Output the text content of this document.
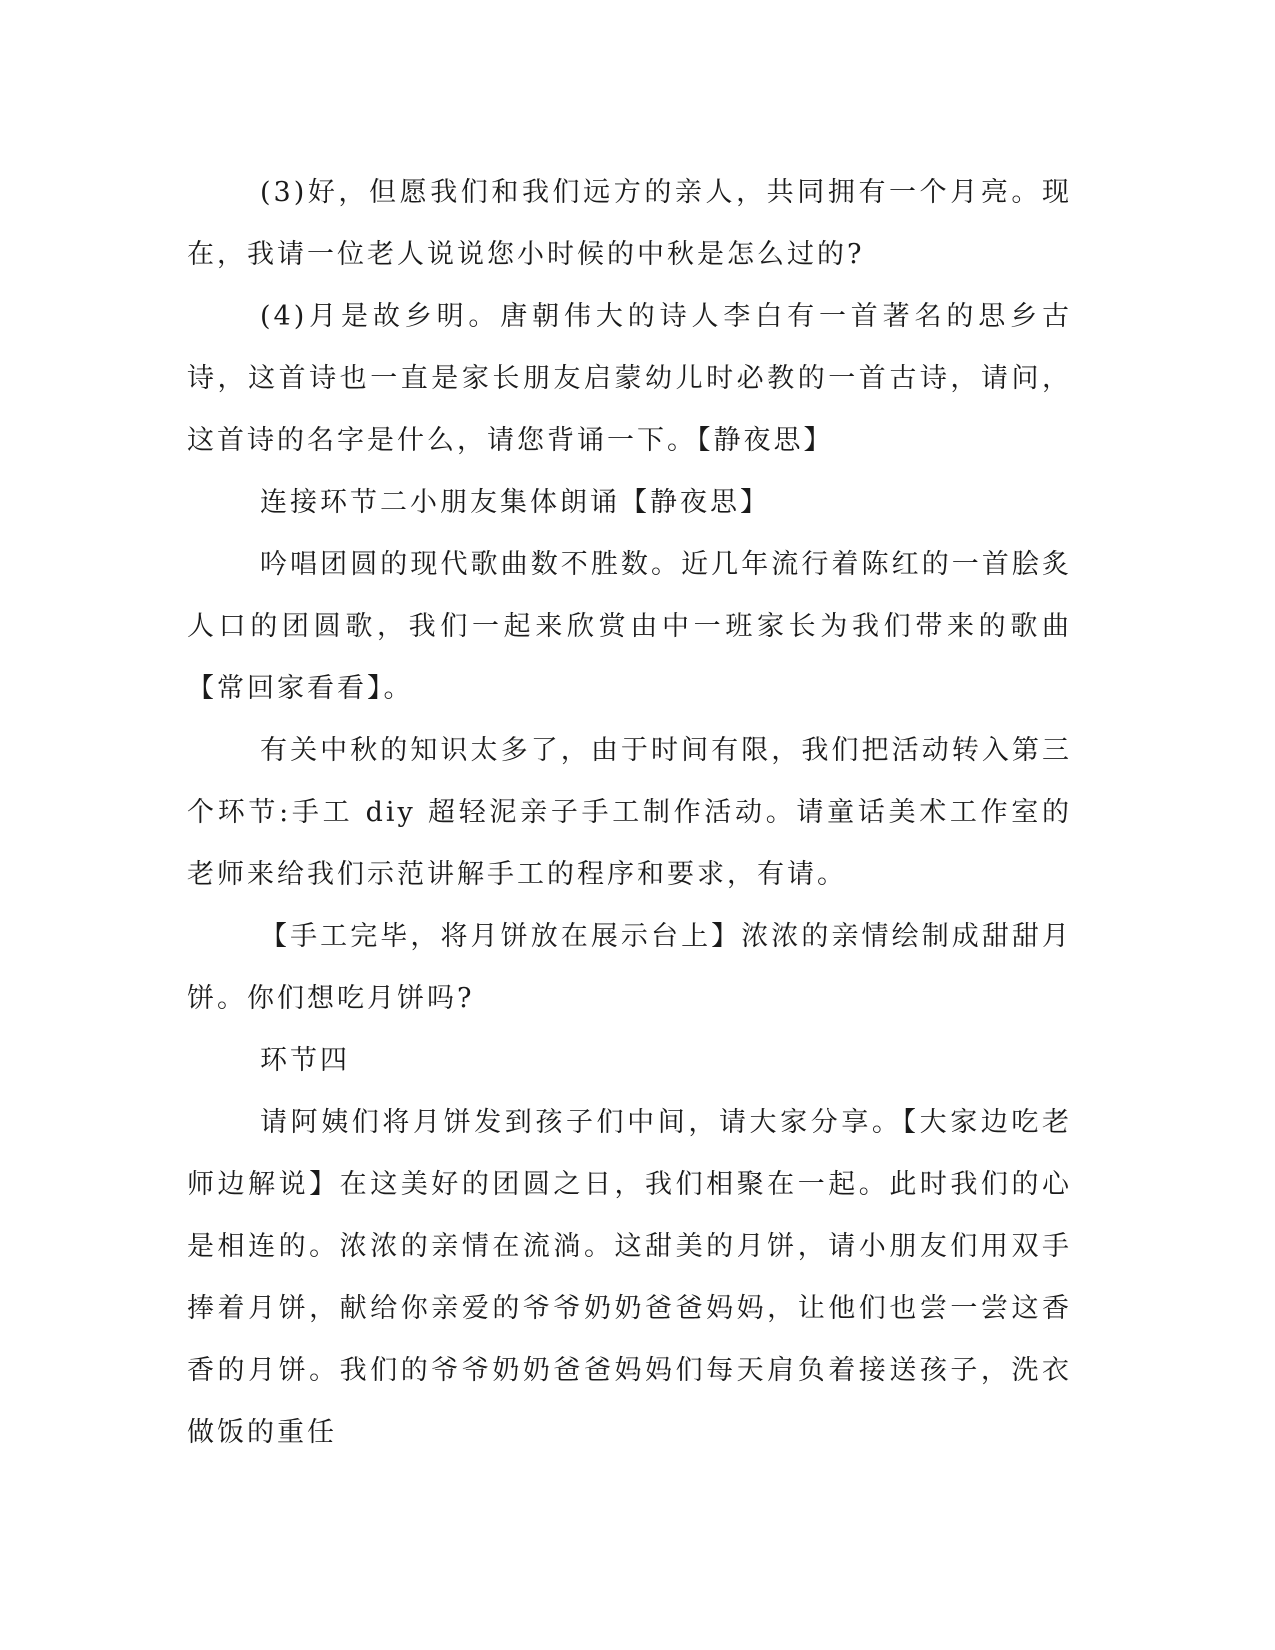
(3)好，但愿我们和我们远方的亲人，共同拥有一个月亮。现在，我请一位老人说说您小时候的中秋是怎么过的?

(4)月是故乡明。唐朝伟大的诗人李白有一首著名的思乡古诗，这首诗也一直是家长朋友启蒙幼儿时必教的一首古诗，请问，这首诗的名字是什么，请您背诵一下。【静夜思】

连接环节二小朋友集体朗诵【静夜思】

吟唱团圆的现代歌曲数不胜数。近几年流行着陈红的一首脍炙人口的团圆歌，我们一起来欣赏由中一班家长为我们带来的歌曲【常回家看看】。

有关中秋的知识太多了，由于时间有限，我们把活动转入第三个环节:手工 diy 超轻泥亲子手工制作活动。请童话美术工作室的老师来给我们示范讲解手工的程序和要求，有请。

【手工完毕，将月饼放在展示台上】浓浓的亲情绘制成甜甜月饼。你们想吃月饼吗?

环节四

请阿姨们将月饼发到孩子们中间，请大家分享。【大家边吃老师边解说】在这美好的团圆之日，我们相聚在一起。此时我们的心是相连的。浓浓的亲情在流淌。这甜美的月饼，请小朋友们用双手捧着月饼，献给你亲爱的爷爷奶奶爸爸妈妈，让他们也尝一尝这香香的月饼。我们的爷爷奶奶爸爸妈妈们每天肩负着接送孩子，洗衣做饭的重任
